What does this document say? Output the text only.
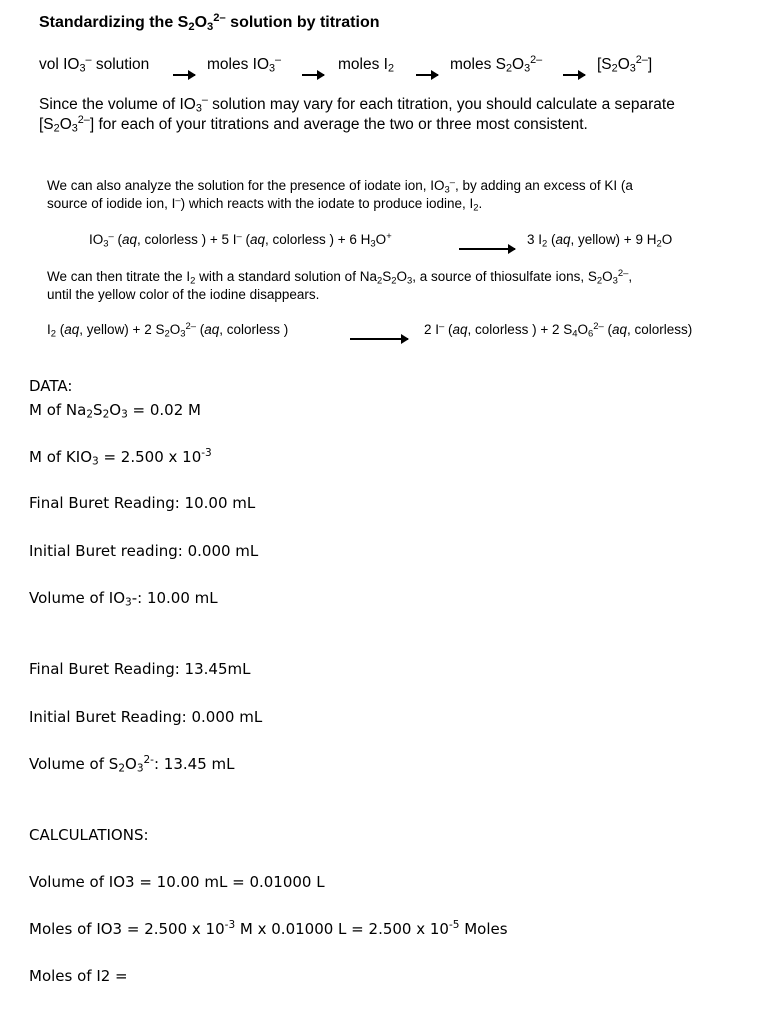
Standardizing the $S_2O_3^{2-}$ solution by titration
vol $IO_3^-$ solution	moles $IO_3^-$	moles $I_2$	moles $S_2O_3^{2-}$	$[S_2O_3^{2-}]$
Since the volume of $IO_3^-$ solution may vary for each titration, you should calculate a separate
$[S_2O_3^{2-}]$ for each of your titrations and average the two or three most consistent.
We can also analyze the solution for the presence of iodate ion, $IO_3^-$, by adding an excess of KI (a
source of iodide ion, I–) which reacts with the iodate to produce iodine, $I_2$.
$IO_3^-$ (aq, colorless ) + 5 I– (aq, colorless ) + 6 $H_3O^+$	3 $I_2$ (aq, yellow) + 9 $H_2O$
We can then titrate the $I_2$ with a standard solution of $Na_2S_2O_3$, a source of thiosulfate ions, $S_2O_3^{2-}$,
until the yellow color of the iodine disappears.
$I_2$ (aq, yellow) + 2 $S_2O_3^{2-}$ (aq, colorless )	2 I– (aq, colorless ) + 2 $S_4O_6^{2-}$ (aq, colorless)
DATA:
M of $Na_2S_2O_3 = 0.02$ M
M of $KIO_3 = 2.500$ x $10^{-3}$
Final Buret Reading: 10.00 mL
Initial Buret reading: 0.000 mL
Volume of $IO_3-$: 10.00 mL
Final Buret Reading: 13.45mL
Initial Buret Reading: 0.000 mL
Volume of $S_2O_3^{2-}$: 13.45 mL
CALCULATIONS:
Volume of IO3 = 10.00 mL = 0.01000 L
Moles of IO3 = 2.500 x $10^{-3}$ M x 0.01000 L = 2.500 x $10^{-5}$ Moles
Moles of I2 =
